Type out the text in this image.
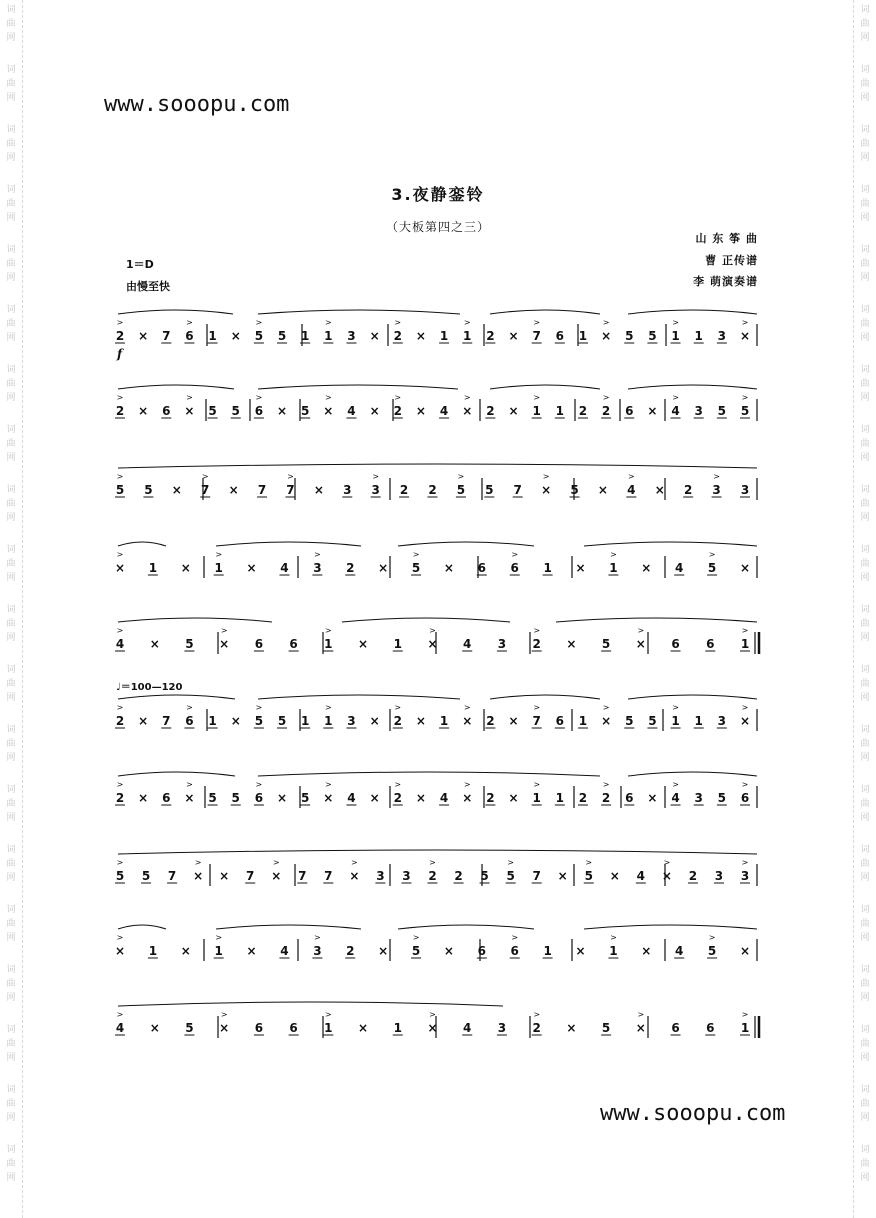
词
曲
网
词
曲
网
词
曲
网
词
曲
网
词
曲
网
词
曲
网
词
曲
网
词
曲
网
词
曲
网
词
曲
网
词
曲
网
词
曲
网
词
曲
网
词
曲
网
词
曲
网
词
曲
网
词
曲
网
词
曲
网
词
曲
网
词
曲
网
词
曲
网
词
曲
网
词
曲
网
词
曲
网
词
曲
网
词
曲
网
词
曲
网
词
曲
网
词
曲
网
词
曲
网
词
曲
网
词
曲
网
词
曲
网
词
曲
网
词
曲
网
词
曲
网
词
曲
网
词
曲
网
词
曲
网
词
曲
网
www.sooopu.com
www.sooopu.com
3.夜静銮铃
（大板第四之三）
山 东 筝 曲
曹 正传谱
李 萌演奏谱
1＝D
由慢至快
f
♩＝100—120
2
>
× 7 6
>
1 × 5
>
5 1 1
>
3 × 2
>
× 1 1
>
2 × 7
>
6 1 ×
>
5 5 1
>
1 3 ×
>
2
>
× 6 ×
>
5 5 6
>
× 5 ×
>
4 × 2
>
× 4 ×
>
2 × 1
>
1 2 2
>
6 × 4
>
3 5 5
>
5
>
5 × 7
>
× 7 7
>
× 3 3
>
2 2 5
>
5 7 ×
>
5 × 4
>
× 2 3
>
3
×
>
1 × 1
>
× 4 3
>
2 × 5
>
× 6 6
>
1 × 1
>
× 4 5
>
×
4
>
× 5 ×
>
6 6 1
>
× 1 ×
>
4 3 2
>
× 5 ×
>
6 6 1
>
2
>
× 7 6
>
1 × 5
>
5 1 1
>
3 × 2
>
× 1 ×
>
2 × 7
>
6 1 ×
>
5 5 1
>
1 3 ×
>
2
>
× 6 ×
>
5 5 6
>
× 5 ×
>
4 × 2
>
× 4 ×
>
2 × 1
>
1 2 2
>
6 × 4
>
3 5 6
>
5
>
5 7 ×
>
× 7 ×
>
7 7 ×
>
3 3 2
>
2 5 5
>
7 × 5
>
× 4 ×
>
2 3 3
>
×
>
1 × 1
>
× 4 3
>
2 × 5
>
× 6 6
>
1 × 1
>
× 4 5
>
×
4
>
× 5 ×
>
6 6 1
>
× 1 ×
>
4 3 2
>
× 5 ×
>
6 6 1
>
